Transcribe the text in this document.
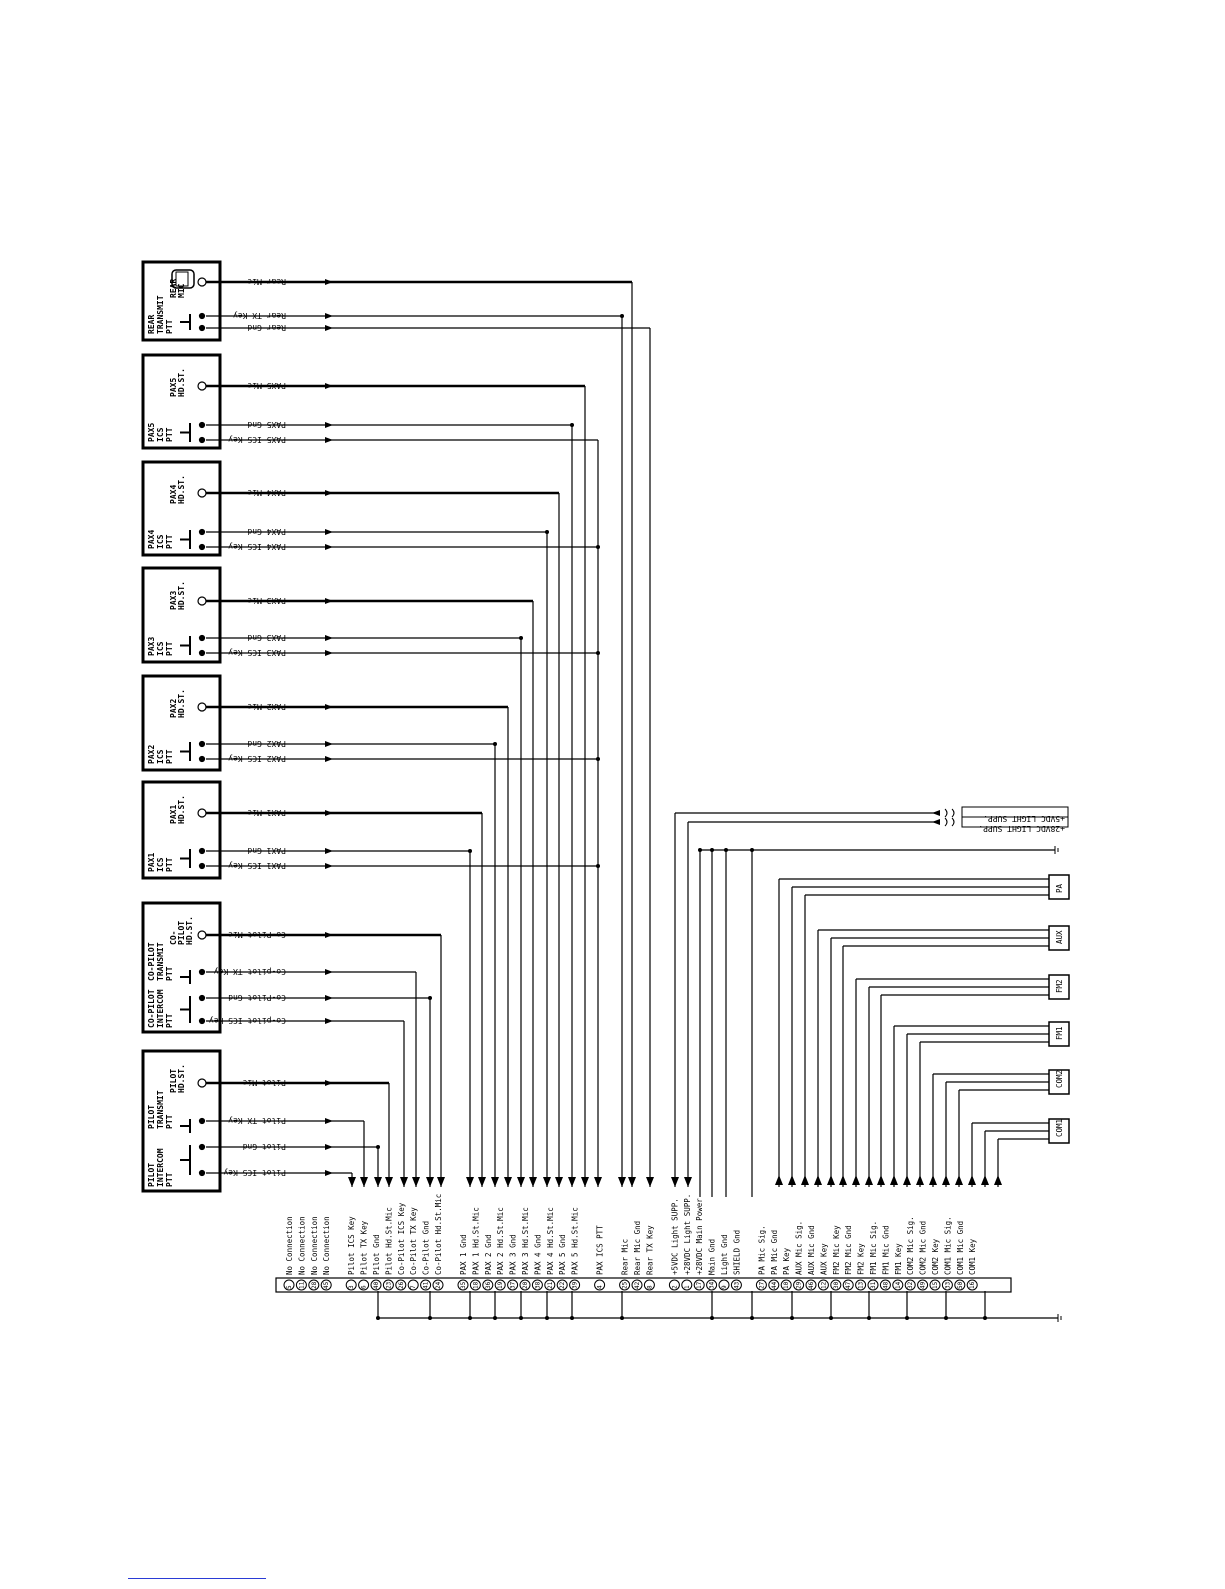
REAR MIC
REAR TRANSMIT PTT
PAX5 HD.ST.
PAX5 ICS PTT
PAX4 HD.ST.
PAX4 ICS PTT
PAX3 HD.ST.
PAX3 ICS PTT
PAX2 HD.ST.
PAX2 ICS PTT
PAX1 HD.ST.
PAX1 ICS PTT
CO- PILOT HD.ST.
CO-PILOT TRANSMIT PTT
CO-PILOT INTERCOM PTT
PILOT HD.ST.
PILOT TRANSMIT PTT
PILOT INTERCOM PTT
Rear Mic
Rear TX Key
Rear Gnd
PAX5 Mic
PAX5 Gnd
PAX5 ICS Key
PAX4 Mic
PAX4 Gnd
PAX4 ICS Key
PAX3 Mic
PAX3 Gnd
PAX3 ICS Key
PAX2 Mic
PAX2 Gnd
PAX2 ICS Key
PAX1 Mic
PAX1 Gnd
PAX1 ICS Key
Co-Pilot Mic
Co-pilot TX Key
Co-Pilot Gnd
Co-pilot ICS Key
Pilot Mic
Pilot TX Key
Pilot Gnd
Pilot ICS Key
+5VDC LIGHT SUPP.
+28VDC LIGHT SUPP.
PA
AUX
FM2
FM1
COM2
COM1
5
No Connection
11
No Connection
28
No Connection
45
No Connection
3
Pilot ICS Key
6
Pilot TX Key
40
Pilot Gnd
23
Pilot Hd.St.Mic
26
Co-Pilot ICS Key
7
Co-Pilot TX Key
41
Co-Pilot Gnd
24
Co-Pilot Hd.St.Mic
35
PAX 1 Gnd
18
PAX 1 Hd.St.Mic
36
PAX 2 Gnd
19
PAX 2 Hd.St.Mic
37
PAX 3 Gnd
20
PAX 3 Hd.St.Mic
38
PAX 4 Gnd
21
PAX 4 Hd.St.Mic
22
PAX 5 Gnd
39
PAX 5 Hd.St.Mic
4
PAX ICS PTT
25
Rear Mic
42
Rear Mic Gnd
8
Rear TX Key
2
+5VDC Light SUPP.
1
+28VDC Light SUPP.
17
+28VDC Main Power
34
Main Gnd
9
Light Gnd
43
SHIELD Gnd
27
PA Mic Sig.
44
PA Mic Gnd
10
PA Key
29
AUX Mic Sig.
46
AUX Mic Gnd
12
AUX Key
30
FM2 Mic Key
47
FM2 Mic Gnd
13
FM2 Key
31
FM1 Mic Sig.
48
FM1 Mic Gnd
14
FM1 Key
32
COM2 Mic Sig.
49
COM2 Mic Gnd
15
COM2 Key
33
COM1 Mic Sig.
50
COM1 Mic Gnd
16
COM1 Key
